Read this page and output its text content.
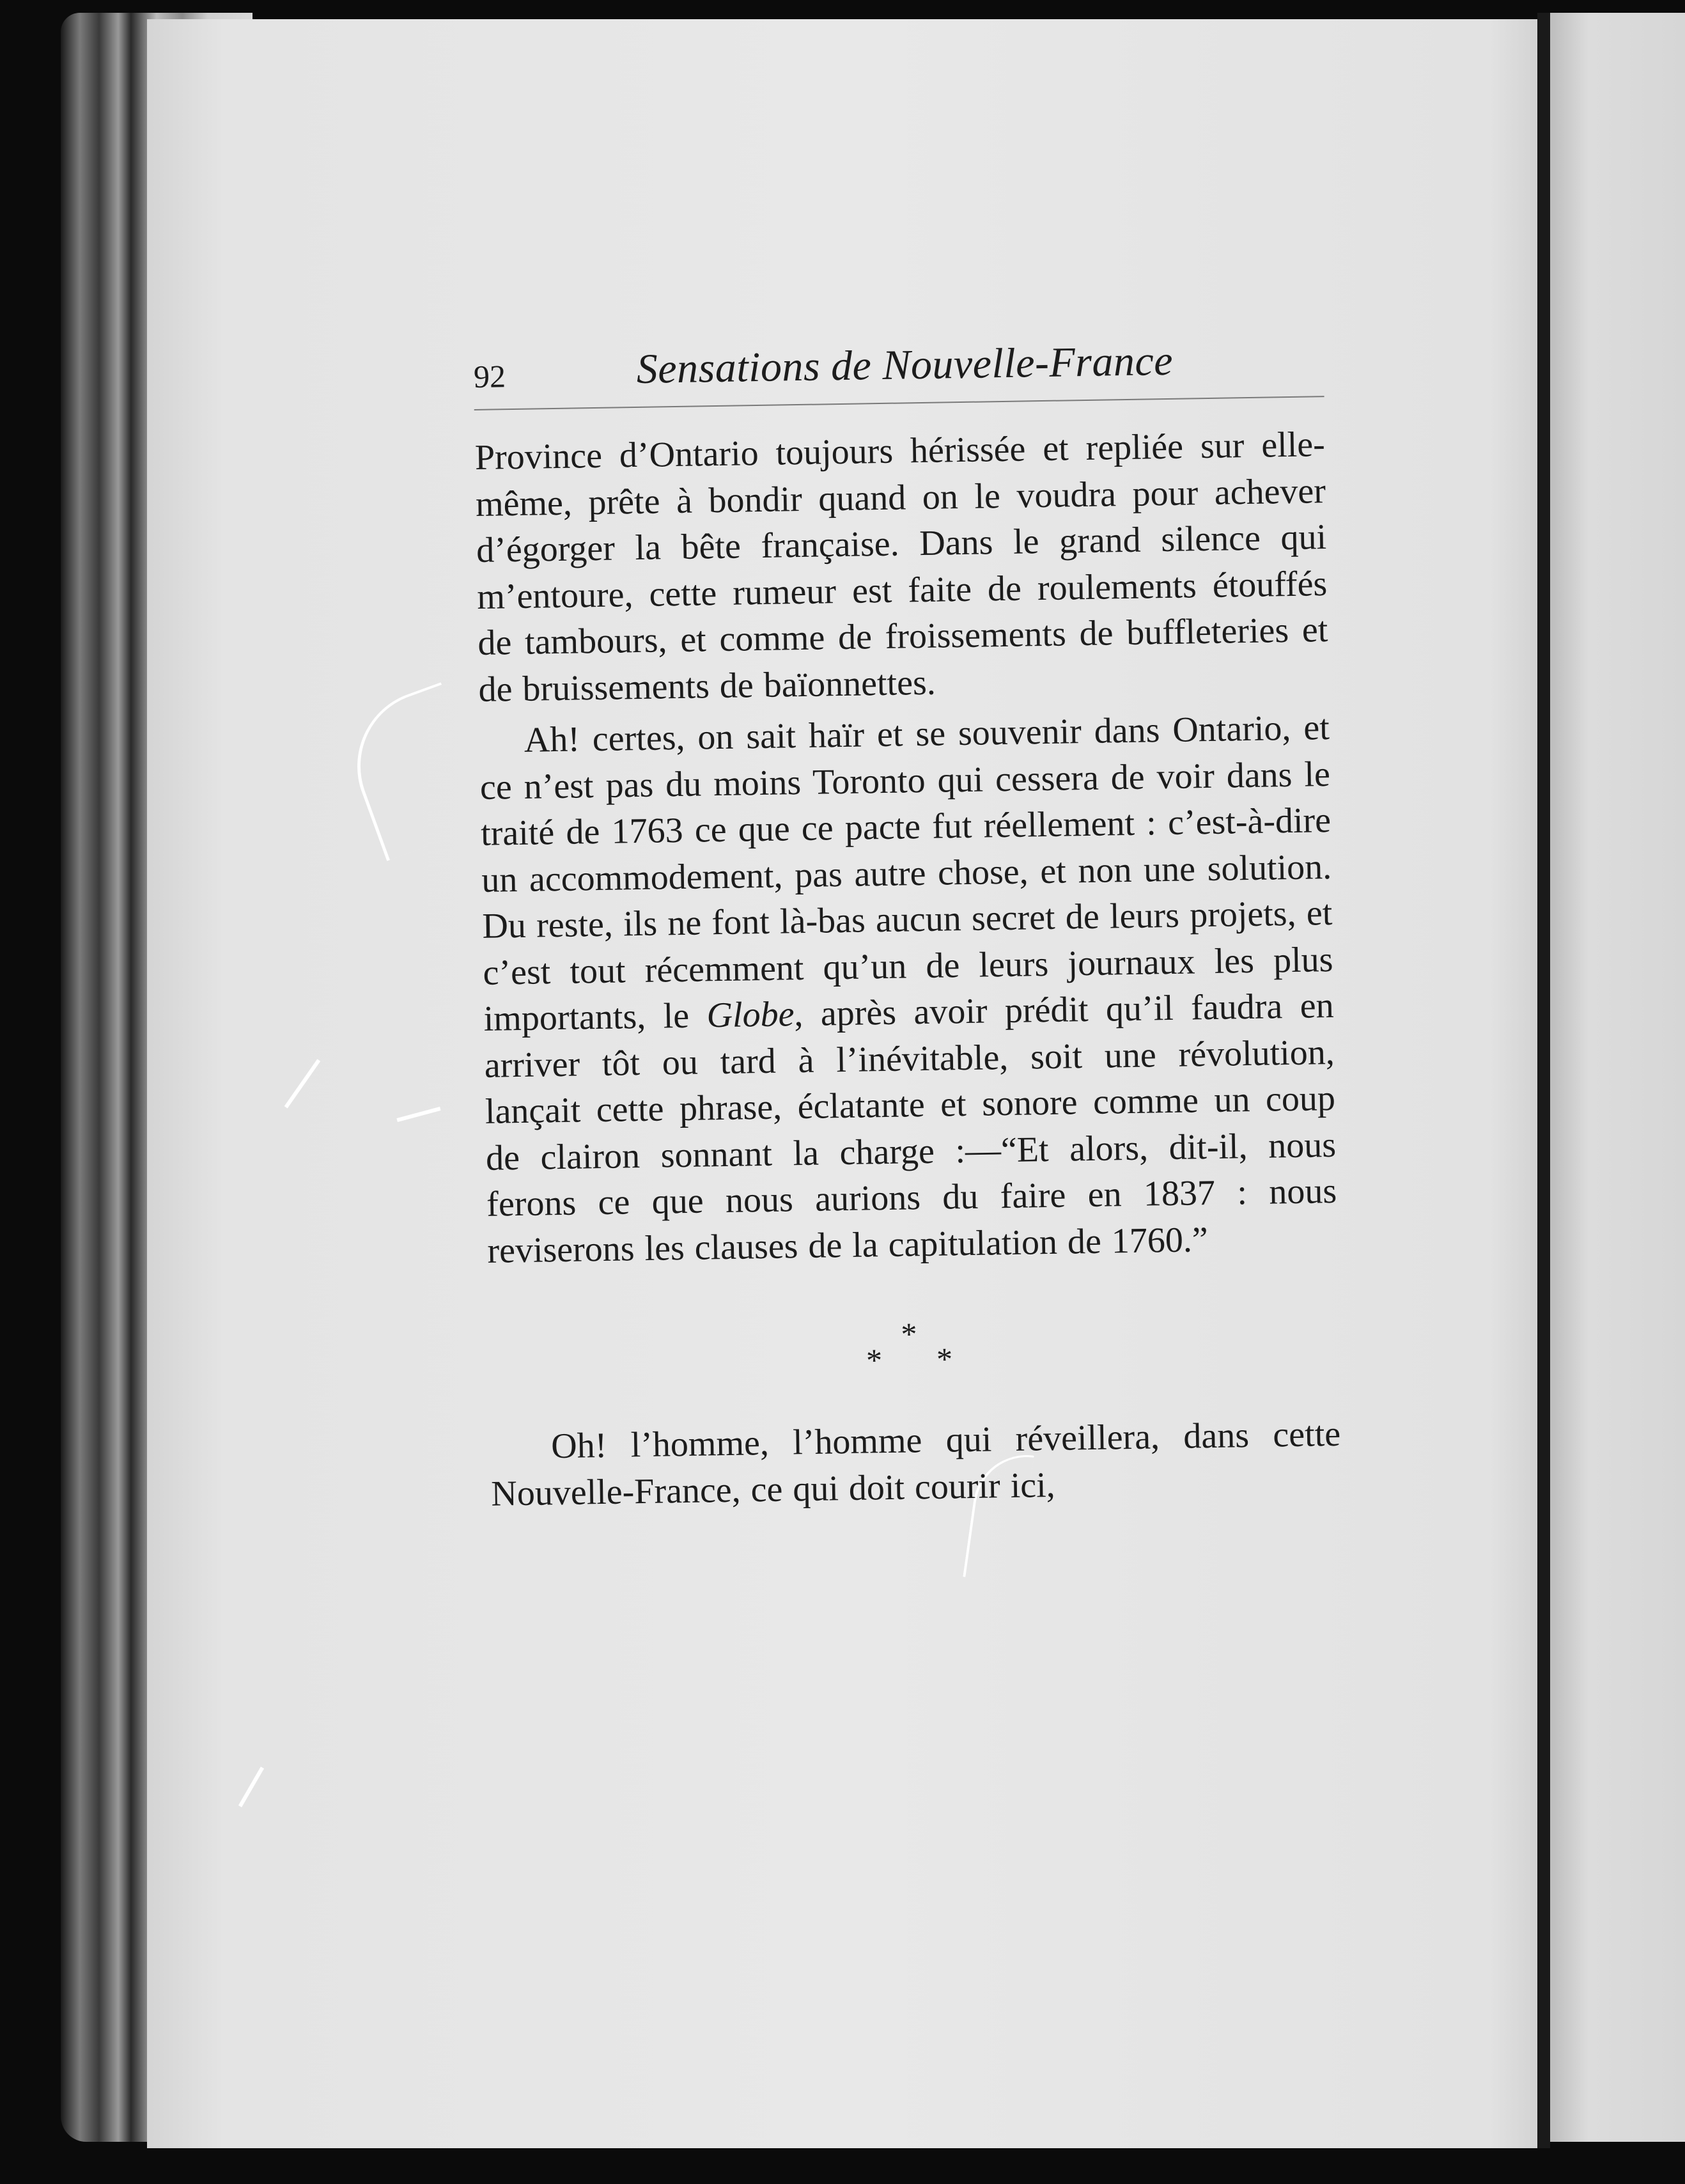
92	Sensations de Nouvelle-France

Province d’Ontario toujours hérissée et repliée sur elle-même, prête à bondir quand on le voudra pour achever d’égorger la bête française. Dans le grand silence qui m’entoure, cette rumeur est faite de roulements étouffés de tambours, et comme de froissements de buffleteries et de bruissements de baïonnettes.

Ah! certes, on sait haïr et se souvenir dans Ontario, et ce n’est pas du moins Toronto qui cessera de voir dans le traité de 1763 ce que ce pacte fut réellement : c’est-à-dire un accommodement, pas autre chose, et non une solution. Du reste, ils ne font là-bas aucun secret de leurs projets, et c’est tout récemment qu’un de leurs journaux les plus importants, le Globe, après avoir prédit qu’il faudra en arriver tôt ou tard à l’inévitable, soit une révolution, lançait cette phrase, éclatante et sonore comme un coup de clairon sonnant la charge :—“Et alors, dit-il, nous ferons ce que nous aurions du faire en 1837 : nous reviserons les clauses de la capitulation de 1760.”

*
*
*

Oh! l’homme, l’homme qui réveillera, dans cette Nouvelle-France, ce qui doit courir ici,
